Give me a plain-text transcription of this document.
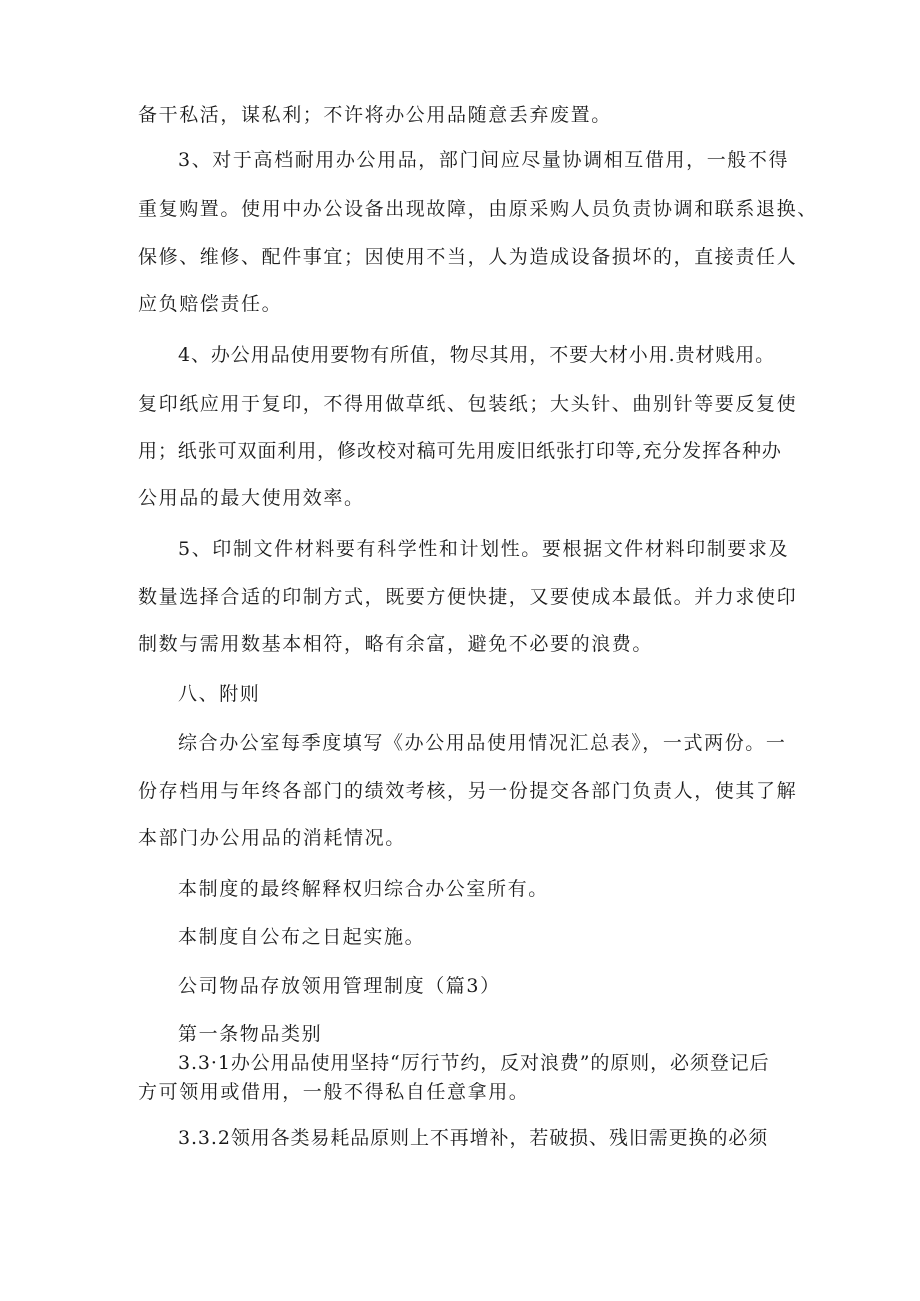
备干私活，谋私利；不许将办公用品随意丢弃废置。
3、对于高档耐用办公用品，部门间应尽量协调相互借用，一般不得
重复购置。使用中办公设备出现故障，由原采购人员负责协调和联系退换、
保修、维修、配件事宜；因使用不当，人为造成设备损坏的，直接责任人
应负赔偿责任。
4、办公用品使用要物有所值，物尽其用，不要大材小用.贵材贱用。
复印纸应用于复印，不得用做草纸、包装纸；大头针、曲别针等要反复使
用；纸张可双面利用，修改校对稿可先用废旧纸张打印等,充分发挥各种办
公用品的最大使用效率。
5、印制文件材料要有科学性和计划性。要根据文件材料印制要求及
数量选择合适的印制方式，既要方便快捷，又要使成本最低。并力求使印
制数与需用数基本相符，略有余富，避免不必要的浪费。
八、附则
综合办公室每季度填写《办公用品使用情况汇总表》，一式两份。一
份存档用与年终各部门的绩效考核，另一份提交各部门负责人，使其了解
本部门办公用品的消耗情况。
本制度的最终解释权归综合办公室所有。
本制度自公布之日起实施。
公司物品存放领用管理制度（篇3）
第一条物品类别
3.3·1办公用品使用坚持“厉行节约，反对浪费”的原则，必须登记后
方可领用或借用，一般不得私自任意拿用。
3.3.2领用各类易耗品原则上不再增补，若破损、残旧需更换的必须
